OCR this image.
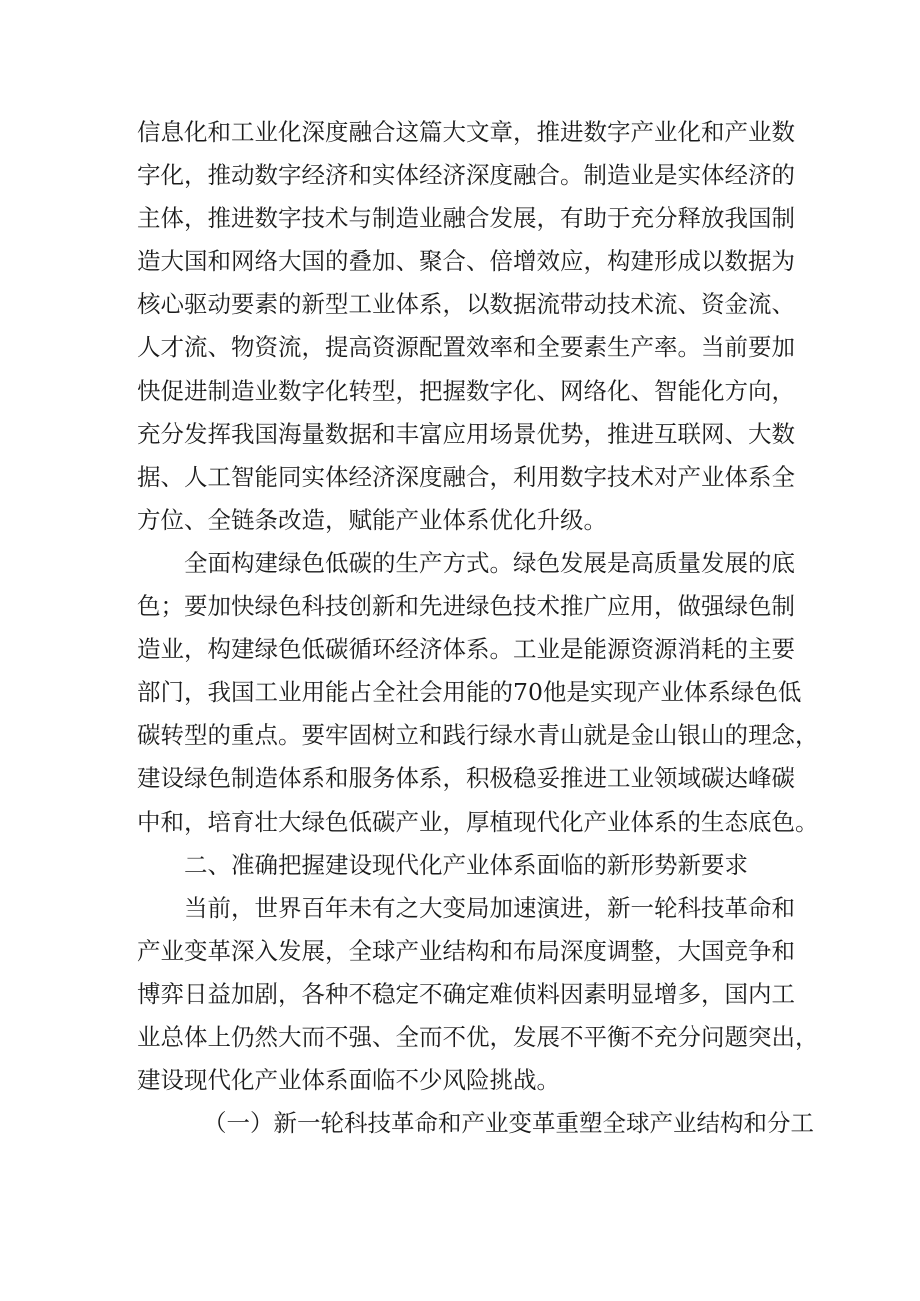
信息化和工业化深度融合这篇大文章，推进数字产业化和产业数
字化，推动数字经济和实体经济深度融合。制造业是实体经济的
主体，推进数字技术与制造业融合发展，有助于充分释放我国制
造大国和网络大国的叠加、聚合、倍增效应，构建形成以数据为
核心驱动要素的新型工业体系，以数据流带动技术流、资金流、
人才流、物资流，提高资源配置效率和全要素生产率。当前要加
快促进制造业数字化转型，把握数字化、网络化、智能化方向，
充分发挥我国海量数据和丰富应用场景优势，推进互联网、大数
据、人工智能同实体经济深度融合，利用数字技术对产业体系全
方位、全链条改造，赋能产业体系优化升级。
全面构建绿色低碳的生产方式。绿色发展是高质量发展的底
色；要加快绿色科技创新和先进绿色技术推广应用，做强绿色制
造业，构建绿色低碳循环经济体系。工业是能源资源消耗的主要
部门，我国工业用能占全社会用能的70他是实现产业体系绿色低
碳转型的重点。要牢固树立和践行绿水青山就是金山银山的理念，
建设绿色制造体系和服务体系，积极稳妥推进工业领域碳达峰碳
中和，培育壮大绿色低碳产业，厚植现代化产业体系的生态底色。
二、准确把握建设现代化产业体系面临的新形势新要求
当前，世界百年未有之大变局加速演进，新一轮科技革命和
产业变革深入发展，全球产业结构和布局深度调整，大国竞争和
博弈日益加剧，各种不稳定不确定难侦料因素明显增多，国内工
业总体上仍然大而不强、全而不优，发展不平衡不充分问题突出，
建设现代化产业体系面临不少风险挑战。
（一）新一轮科技革命和产业变革重塑全球产业结构和分工
